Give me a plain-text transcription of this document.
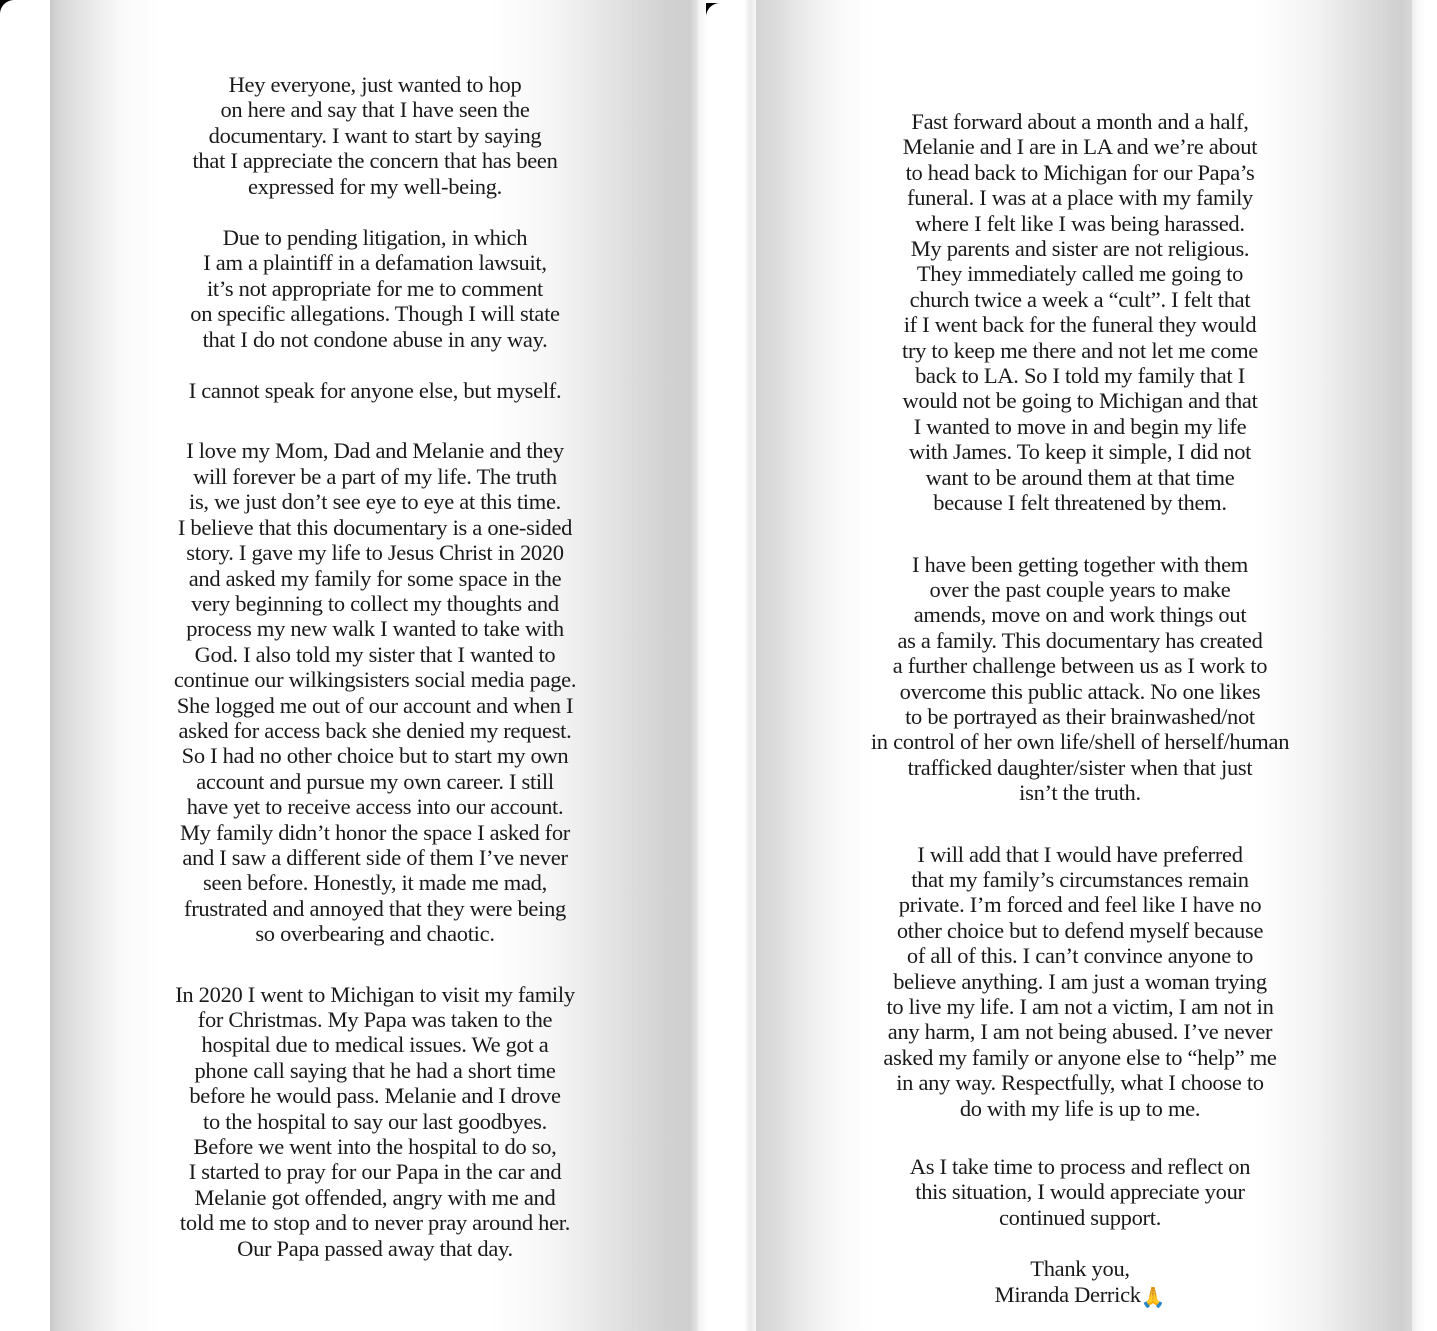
Hey everyone, just wanted to hop
on here and say that I have seen the
documentary. I want to start by saying
that I appreciate the concern that has been
expressed for my well-being.

Due to pending litigation, in which
I am a plaintiff in a defamation lawsuit,
it’s not appropriate for me to comment
on specific allegations. Though I will state
that I do not condone abuse in any way.

I cannot speak for anyone else, but myself.

I love my Mom, Dad and Melanie and they
will forever be a part of my life. The truth
is, we just don’t see eye to eye at this time.
I believe that this documentary is a one-sided
story. I gave my life to Jesus Christ in 2020
and asked my family for some space in the
very beginning to collect my thoughts and
process my new walk I wanted to take with
God. I also told my sister that I wanted to
continue our wilkingsisters social media page.
She logged me out of our account and when I
asked for access back she denied my request.
So I had no other choice but to start my own
account and pursue my own career. I still
have yet to receive access into our account.
My family didn’t honor the space I asked for
and I saw a different side of them I’ve never
seen before. Honestly, it made me mad,
frustrated and annoyed that they were being
so overbearing and chaotic.

In 2020 I went to Michigan to visit my family
for Christmas. My Papa was taken to the
hospital due to medical issues. We got a
phone call saying that he had a short time
before he would pass. Melanie and I drove
to the hospital to say our last goodbyes.
Before we went into the hospital to do so,
I started to pray for our Papa in the car and
Melanie got offended, angry with me and
told me to stop and to never pray around her.
Our Papa passed away that day.

Fast forward about a month and a half,
Melanie and I are in LA and we’re about
to head back to Michigan for our Papa’s
funeral. I was at a place with my family
where I felt like I was being harassed.
My parents and sister are not religious.
They immediately called me going to
church twice a week a “cult”. I felt that
if I went back for the funeral they would
try to keep me there and not let me come
back to LA. So I told my family that I
would not be going to Michigan and that
I wanted to move in and begin my life
with James. To keep it simple, I did not
want to be around them at that time
because I felt threatened by them.

I have been getting together with them
over the past couple years to make
amends, move on and work things out
as a family. This documentary has created
a further challenge between us as I work to
overcome this public attack. No one likes
to be portrayed as their brainwashed/not
in control of her own life/shell of herself/human
trafficked daughter/sister when that just
isn’t the truth.

I will add that I would have preferred
that my family’s circumstances remain
private. I’m forced and feel like I have no
other choice but to defend myself because
of all of this. I can’t convince anyone to
believe anything. I am just a woman trying
to live my life. I am not a victim, I am not in
any harm, I am not being abused. I’ve never
asked my family or anyone else to “help” me
in any way. Respectfully, what I choose to
do with my life is up to me.

As I take time to process and reflect on
this situation, I would appreciate your
continued support.

Thank you,
Miranda Derrick🙏
